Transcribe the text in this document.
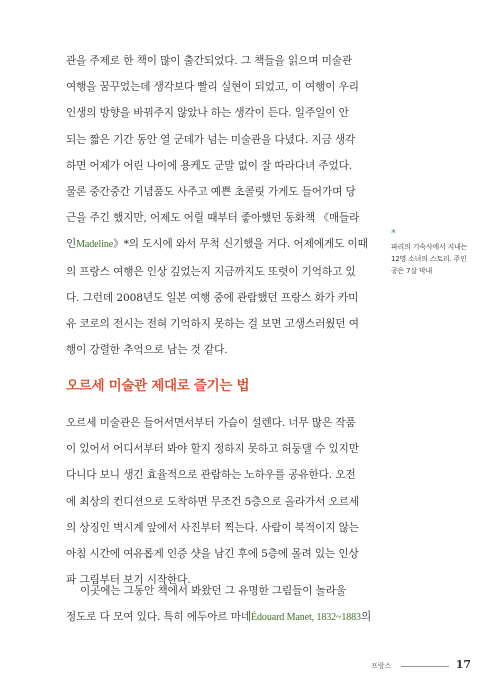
관을 주제로 한 책이 많이 출간되었다. 그 책들을 읽으며 미술관
여행을 꿈꾸었는데 생각보다 빨리 실현이 되었고, 이 여행이 우리
인생의 방향을 바꿔주지 않았나 하는 생각이 든다. 일주일이 안
되는 짧은 기간 동안 열 군데가 넘는 미술관을 다녔다. 지금 생각
하면 어제가 어린 나이에 용케도 군말 없이 잘 따라다녀 주었다.
물론 중간중간 기념품도 사주고 예쁜 초콜릿 가게도 들어가며 당
근을 주긴 했지만, 어제도 어릴 때부터 좋아했던 동화책 《매들라
인Madeline》*의 도시에 와서 무척 신기했을 거다. 어제에게도 이때
의 프랑스 여행은 인상 깊었는지 지금까지도 또렷이 기억하고 있
다. 그런데 2008년도 일본 여행 중에 관람했던 프랑스 화가 카미
유 코로의 전시는 전혀 기억하지 못하는 걸 보면 고생스러웠던 여
행이 강렬한 추억으로 남는 것 같다.
오르세 미술관 제대로 즐기는 법
오르세 미술관은 들어서면서부터 가슴이 설렌다. 너무 많은 작품
이 있어서 어디서부터 봐야 할지 정하지 못하고 허둥댈 수 있지만
다니다 보니 생긴 효율적으로 관람하는 노하우를 공유한다. 오전
에 최상의 컨디션으로 도착하면 무조건 5층으로 올라가서 오르세
의 상징인 벽시계 앞에서 사진부터 찍는다. 사람이 북적이지 않는
아침 시간에 여유롭게 인증 샷을 남긴 후에 5층에 몰려 있는 인상
파 그림부터 보기 시작한다.
이곳에는 그동안 책에서 봐왔던 그 유명한 그림들이 놀라울
정도로 다 모여 있다. 특히 에두아르 마네Édouard Manet, 1832~1883의
*
파리의 기숙사에서 지내는 12명 소녀의 스토리. 주인공은 7살 막내
프랑스	17
